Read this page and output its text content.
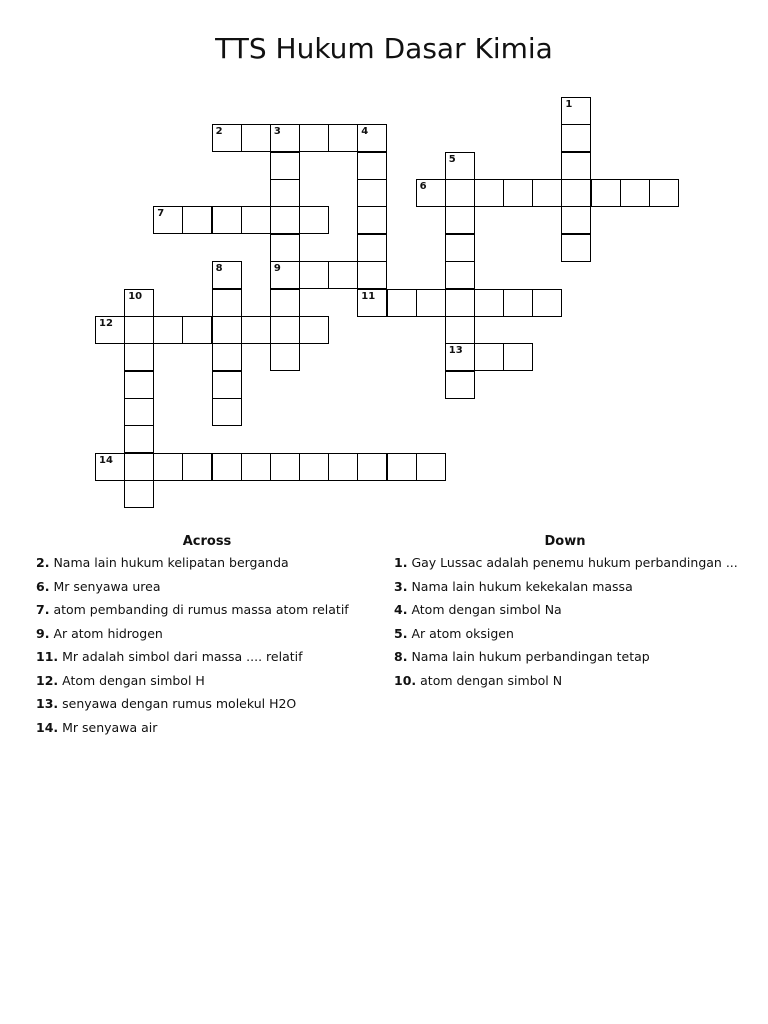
TTS Hukum Dasar Kimia
1
2	3	4
9
5
13
6
7
8
10	11
12
14
Across
2. Nama lain hukum kelipatan berganda
6. Mr senyawa urea
7. atom pembanding di rumus massa atom relatif
9. Ar atom hidrogen
11. Mr adalah simbol dari massa .... relatif
12. Atom dengan simbol H
13. senyawa dengan rumus molekul H2O
14. Mr senyawa air
Down
1. Gay Lussac adalah penemu hukum perbandingan ...
3. Nama lain hukum kekekalan massa
4. Atom dengan simbol Na
5. Ar atom oksigen
8. Nama lain hukum perbandingan tetap
10. atom dengan simbol N
